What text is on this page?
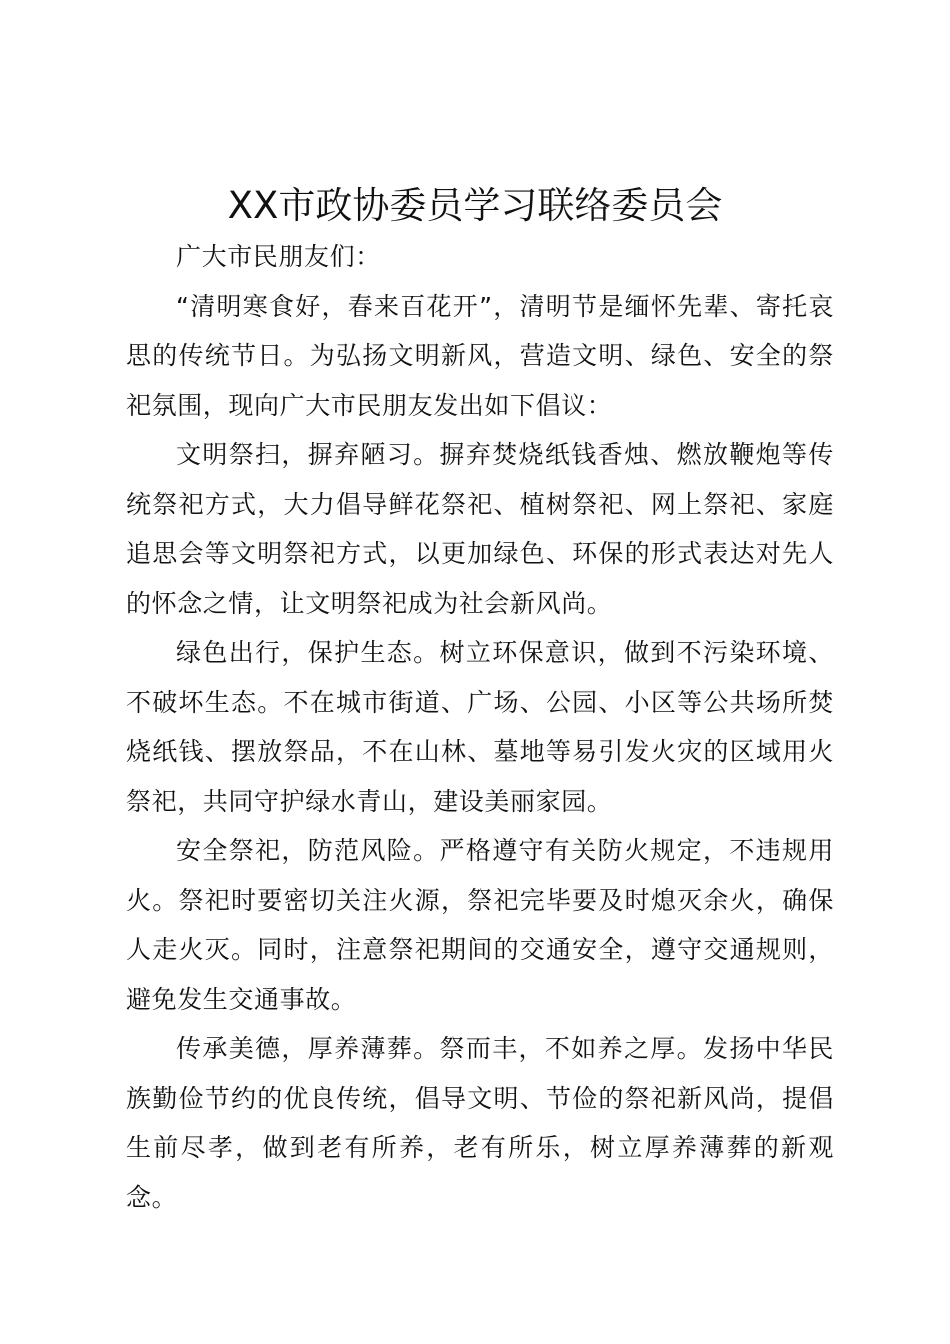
XX市政协委员学习联络委员会

广大市民朋友们：

“清明寒食好，春来百花开”，清明节是缅怀先辈、寄托哀思的传统节日。为弘扬文明新风，营造文明、绿色、安全的祭祀氛围，现向广大市民朋友发出如下倡议：

文明祭扫，摒弃陋习。摒弃焚烧纸钱香烛、燃放鞭炮等传统祭祀方式，大力倡导鲜花祭祀、植树祭祀、网上祭祀、家庭追思会等文明祭祀方式，以更加绿色、环保的形式表达对先人的怀念之情，让文明祭祀成为社会新风尚。

绿色出行，保护生态。树立环保意识，做到不污染环境、不破坏生态。不在城市街道、广场、公园、小区等公共场所焚烧纸钱、摆放祭品，不在山林、墓地等易引发火灾的区域用火祭祀，共同守护绿水青山，建设美丽家园。

安全祭祀，防范风险。严格遵守有关防火规定，不违规用火。祭祀时要密切关注火源，祭祀完毕要及时熄灭余火，确保人走火灭。同时，注意祭祀期间的交通安全，遵守交通规则，避免发生交通事故。

传承美德，厚养薄葬。祭而丰，不如养之厚。发扬中华民族勤俭节约的优良传统，倡导文明、节俭的祭祀新风尚，提倡生前尽孝，做到老有所养，老有所乐，树立厚养薄葬的新观念。
